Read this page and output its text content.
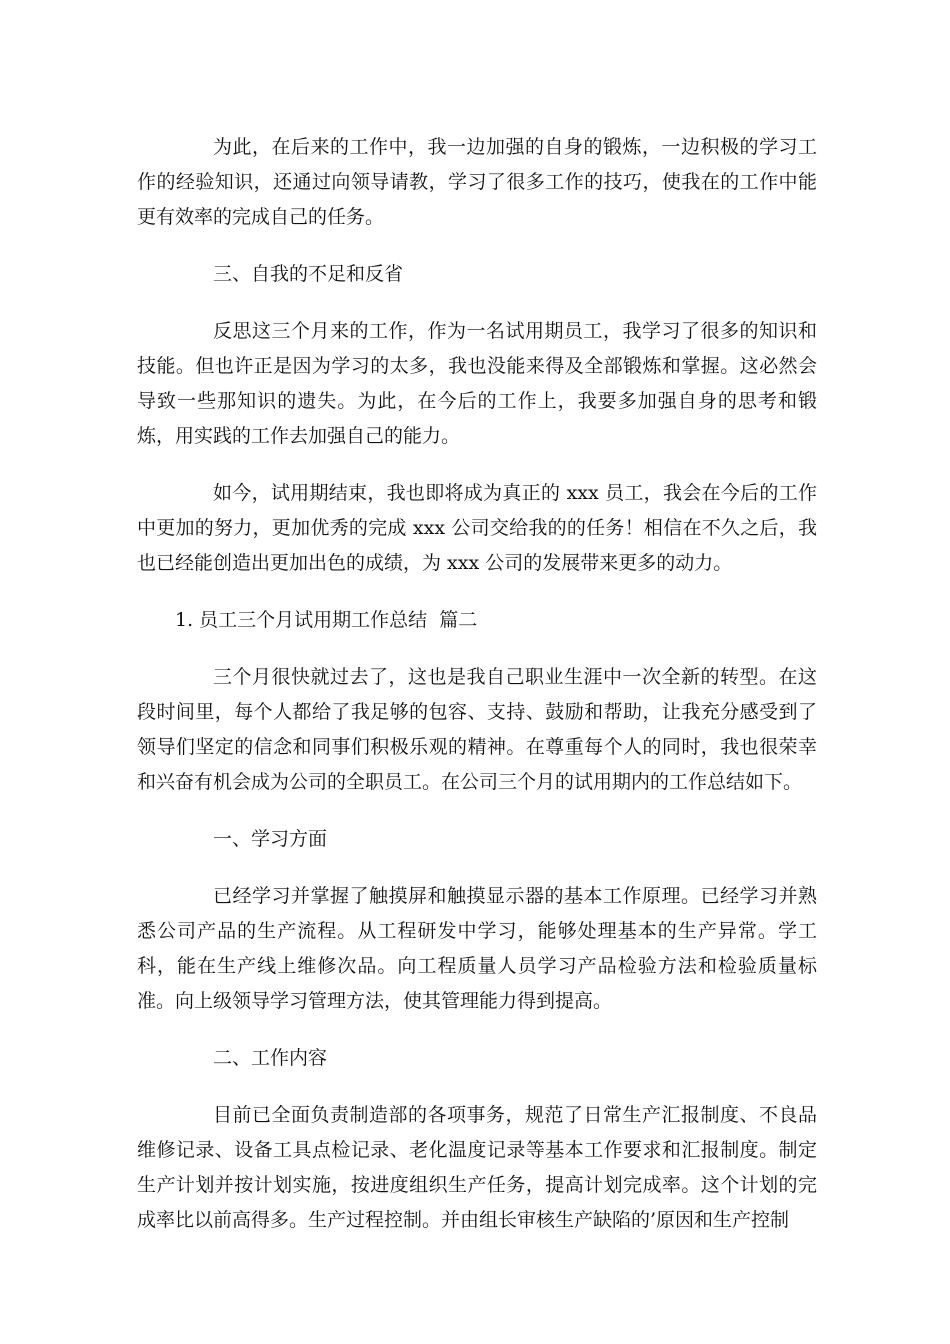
为此，在后来的工作中，我一边加强的自身的锻炼，一边积极的学习工作的经验知识，还通过向领导请教，学习了很多工作的技巧，使我在的工作中能更有效率的完成自己的任务。

三、自我的不足和反省

反思这三个月来的工作，作为一名试用期员工，我学习了很多的知识和技能。但也许正是因为学习的太多，我也没能来得及全部锻炼和掌握。这必然会导致一些那知识的遗失。为此，在今后的工作上，我要多加强自身的思考和锻炼，用实践的工作去加强自己的能力。

如今，试用期结束，我也即将成为真正的 xxx 员工，我会在今后的工作中更加的努力，更加优秀的完成 xxx 公司交给我的的任务！相信在不久之后，我也已经能创造出更加出色的成绩，为 xxx 公司的发展带来更多的动力。

1. 员工三个月试用期工作总结  篇二

三个月很快就过去了，这也是我自己职业生涯中一次全新的转型。在这段时间里，每个人都给了我足够的包容、支持、鼓励和帮助，让我充分感受到了领导们坚定的信念和同事们积极乐观的精神。在尊重每个人的同时，我也很荣幸和兴奋有机会成为公司的全职员工。在公司三个月的试用期内的工作总结如下。

一、学习方面

已经学习并掌握了触摸屏和触摸显示器的基本工作原理。已经学习并熟悉公司产品的生产流程。从工程研发中学习，能够处理基本的生产异常。学工科，能在生产线上维修次品。向工程质量人员学习产品检验方法和检验质量标准。向上级领导学习管理方法，使其管理能力得到提高。

二、工作内容

目前已全面负责制造部的各项事务，规范了日常生产汇报制度、不良品维修记录、设备工具点检记录、老化温度记录等基本工作要求和汇报制度。制定生产计划并按计划实施，按进度组织生产任务，提高计划完成率。这个计划的完成率比以前高得多。生产过程控制。并由组长审核生产缺陷的’原因和生产控制
